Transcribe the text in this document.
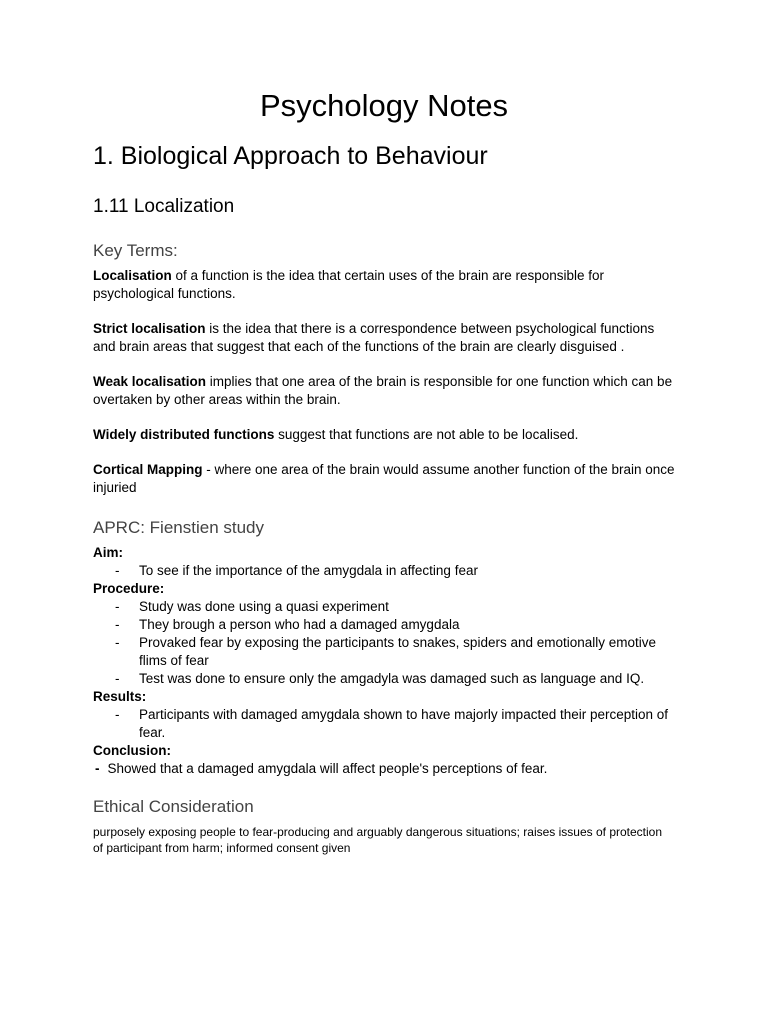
Psychology Notes
1. Biological Approach to Behaviour
1.11 Localization
Key Terms:

Localisation of a function is the idea that certain uses of the brain are responsible for psychological functions.

Strict localisation is the idea that there is a correspondence between psychological functions and brain areas that suggest that each of the functions of the brain are clearly disguised .

Weak localisation implies that one area of the brain is responsible for one function which can be overtaken by other areas within the brain.

Widely distributed functions suggest that functions are not able to be localised.

Cortical Mapping - where one area of the brain would assume another function of the brain once injuried

APRC: Fienstien study

Aim:

- To see if the importance of the amygdala in affecting fear

Procedure:

- Study was done using a quasi experiment
- They brough a person who had a damaged amygdala
- Provaked fear by exposing the participants to snakes, spiders and emotionally emotive flims of fear
- Test was done to ensure only the amgadyla was damaged such as language and IQ.

Results:

- Participants with damaged amygdala shown to have majorly impacted their perception of fear.

Conclusion:

- Showed that a damaged amygdala will affect people's perceptions of fear.

Ethical Consideration

purposely exposing people to fear-producing and arguably dangerous situations; raises issues of protection of participant from harm; informed consent given
